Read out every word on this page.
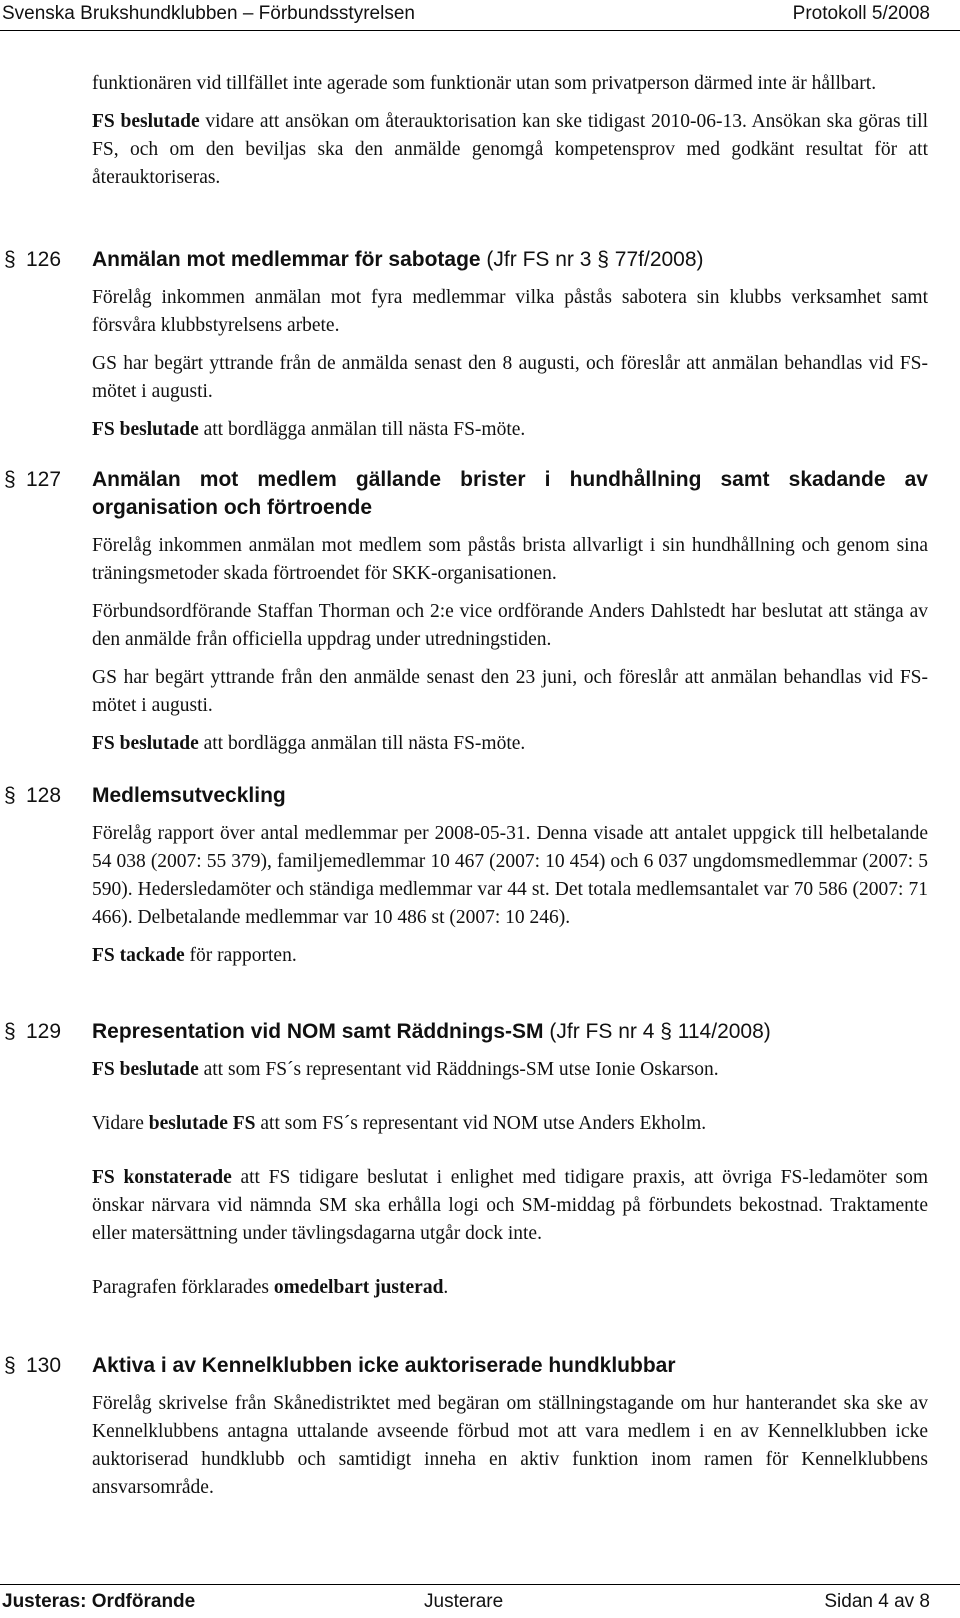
Svenska Brukshundklubben – Förbundsstyrelsen	Protokoll 5/2008

funktionären vid tillfället inte agerade som funktionär utan som privatperson därmed inte är hållbart.

FS beslutade vidare att ansökan om återauktorisation kan ske tidigast 2010-06-13. Ansökan ska göras till FS, och om den beviljas ska den anmälde genomgå kompetensprov med godkänt resultat för att återauktoriseras.

§ 126 Anmälan mot medlemmar för sabotage (Jfr FS nr 3 § 77f/2008)

Förelåg inkommen anmälan mot fyra medlemmar vilka påstås sabotera sin klubbs verksamhet samt försvåra klubbstyrelsens arbete.

GS har begärt yttrande från de anmälda senast den 8 augusti, och föreslår att anmälan behandlas vid FS-mötet i augusti.

FS beslutade att bordlägga anmälan till nästa FS-möte.

§ 127 Anmälan mot medlem gällande brister i hundhållning samt skadande av organisation och förtroende

Förelåg inkommen anmälan mot medlem som påstås brista allvarligt i sin hundhållning och genom sina träningsmetoder skada förtroendet för SKK-organisationen.

Förbundsordförande Staffan Thorman och 2:e vice ordförande Anders Dahlstedt har beslutat att stänga av den anmälde från officiella uppdrag under utredningstiden.

GS har begärt yttrande från den anmälde senast den 23 juni, och föreslår att anmälan behandlas vid FS-mötet i augusti.

FS beslutade att bordlägga anmälan till nästa FS-möte.

§ 128 Medlemsutveckling

Förelåg rapport över antal medlemmar per 2008-05-31. Denna visade att antalet uppgick till helbetalande 54 038 (2007: 55 379), familjemedlemmar 10 467 (2007: 10 454) och 6 037 ungdomsmedlemmar (2007: 5 590). Hedersledamöter och ständiga medlemmar var 44 st. Det totala medlemsantalet var 70 586 (2007: 71 466). Delbetalande medlemmar var 10 486 st (2007: 10 246).

FS tackade för rapporten.

§ 129 Representation vid NOM samt Räddnings-SM (Jfr FS nr 4 § 114/2008)

FS beslutade att som FS´s representant vid Räddnings-SM utse Ionie Oskarson.

Vidare beslutade FS att som FS´s representant vid NOM utse Anders Ekholm.

FS konstaterade att FS tidigare beslutat i enlighet med tidigare praxis, att övriga FS-ledamöter som önskar närvara vid nämnda SM ska erhålla logi och SM-middag på förbundets bekostnad. Traktamente eller matersättning under tävlingsdagarna utgår dock inte.

Paragrafen förklarades omedelbart justerad.

§ 130 Aktiva i av Kennelklubben icke auktoriserade hundklubbar

Förelåg skrivelse från Skånedistriktet med begäran om ställningstagande om hur hanterandet ska ske av Kennelklubbens antagna uttalande avseende förbud mot att vara medlem i en av Kennelklubben icke auktoriserad hundklubb och samtidigt inneha en aktiv funktion inom ramen för Kennelklubbens ansvarsområde.

Justeras: Ordförande	Justerare	Sidan 4 av 8
